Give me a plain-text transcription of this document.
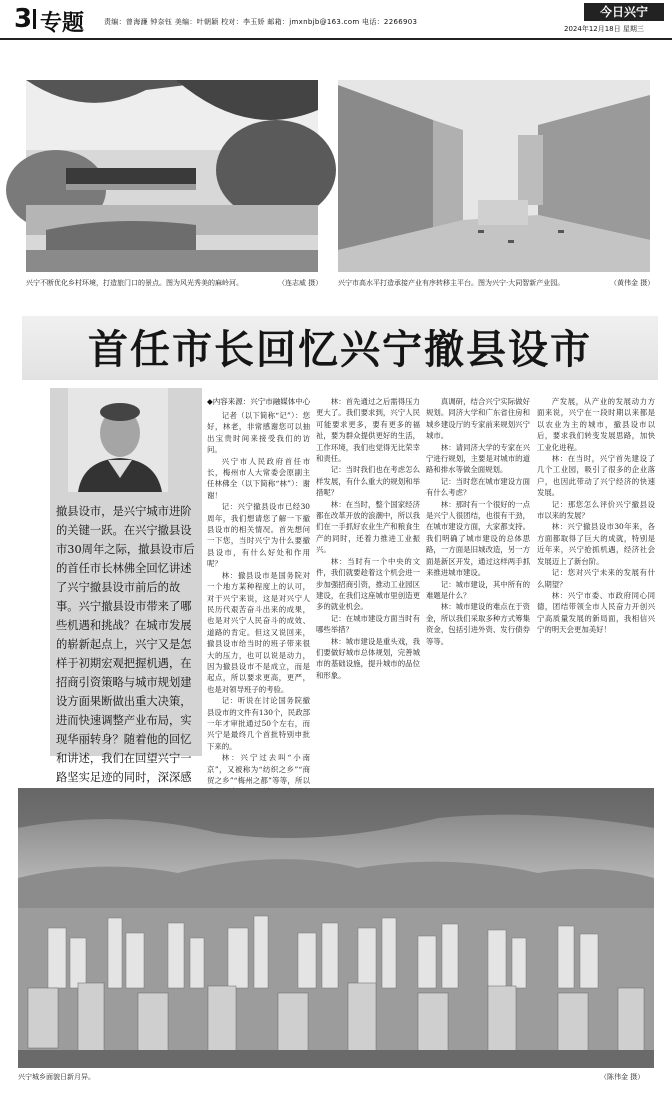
3 专题	责编：曾海濂 钟奈钰 美编：叶朝颖 校对：李玉娇 邮箱：jmxnbjb@163.com 电话：2266903
今日兴宁
2024年12月18日 星期三
兴宁不断优化乡村环境，打造旅门口的景点。图为风光秀美的麻岭河。	（连志威 摄） 兴宁市高水平打造承接产业有序转移主平台。图为兴宁·大同智新产业园。	（黄伟金 摄）
首任市长回忆兴宁撤县设市
撤县设市，是兴宁城市进阶的关键一跃。在兴宁撤县设市30周年之际，撤县设市后的首任市长林佛全回忆讲述了兴宁撤县设市前后的故事。兴宁撤县设市带来了哪些机遇和挑战？在城市发展的崭新起点上，兴宁又是怎样于初期宏观把握机遇，在招商引资策略与城市规划建设方面果断做出重大决策，进而快速调整产业布局，实现华丽转身？随着他的回忆和讲述，我们在回望兴宁一路坚实足迹的同时，深深感
◆内容来源：兴宁市融媒体中心

记者（以下简称“记”）：您好，林老，非常感谢您可以抽出宝贵时间来接受我们的访问。

兴宁市人民政府首任市长，梅州市人大常委会原副主任林佛全（以下简称“林”）：谢谢！

记：兴宁撤县设市已经30周年，我们想请您了解一下撤县设市的相关情况。首先想问一下您，当时兴宁为什么要撤县设市，有什么好处和作用呢？

林：撤县设市是国务院对一个地方某种程度上的认可，对于兴宁来说，这是对兴宁人民历代艰苦奋斗出来的成果，也是对兴宁人民奋斗的成效、道路的肯定。但这又说回来，撤县设市给当时的班子带来很大的压力，也可以说是动力，因为撤县设市不是成立，而是起点，所以要求更高，更严，也是对领导班子的考验。

记：听说在讨论国务院撤县设市的文件有130个，民政部一年才审批通过50个左右，而兴宁是最终几个首批特别申批下来的。

林：兴宁过去叫“小南京”，又被称为“纺织之乡”“商贸之乡”“梅州之都”等等，所以

林：首先通过之后需得压力更大了。我们要求到，兴宁人民可能要求更多，要有更多的福祉，要为群众提供更好的生活，工作环境，我们也觉得无比荣幸和责任。

记：当时我们也在考虑怎么样发展，有什么重大的规划和举措呢？

林：在当时，整个国家经济都在改革开放的浪潮中，所以我们在一手抓好农业生产和粮食生产的同时，还着力推进工业振兴。

林：当时有一个中央的文件，我们就要趁着这个机会进一步加强招商引资，推动工业园区建设，在我们这座城市里创造更多的就业机会。

记：在城市建设方面当时有哪些举措？

林：城市建设是重头戏，我们要做好城市总体规划，完善城市的基础设施，提升城市的品位和形象。

真调研，结合兴宁实际做好规划。同济大学和广东省住房和城乡建设厅的专家前来规划兴宁城市。

林：请同济大学的专家在兴宁进行规划，主要是对城市的道路和排水等做全面规划。

记：当时您在城市建设方面有什么考虑？

林：那时有一个很好的一点是兴宁人很团结，也很有干劲，在城市建设方面，大家都支持。我们明确了城市建设的总体思路，一方面是旧城改造，另一方面是新区开发，通过这样两手抓来推进城市建设。

记：城市建设，其中所有的难题是什么？

林：城市建设的难点在于资金，所以我们采取多种方式筹集资金，包括引进外资、发行债券等等。

产发展，从产业的发展动力方面来说，兴宁在一段时期以来都是以农业为主的城市，撤县设市以后，要求我们转变发展思路，加快工业化进程。

林：在当时，兴宁首先建设了几个工业园，吸引了很多的企业落户，也因此带动了兴宁经济的快速发展。

记：那您怎么评价兴宁撤县设市以来的发展？

林：兴宁撤县设市30年来，各方面都取得了巨大的成就，特别是近年来，兴宁抢抓机遇，经济社会发展迈上了新台阶。

记：您对兴宁未来的发展有什么期望？

林：兴宁市委、市政府同心同德，团结带领全市人民奋力开创兴宁高质量发展的新局面，我相信兴宁的明天会更加美好！

兴宁城乡面貌日新月异。	（陈伟金 摄）
